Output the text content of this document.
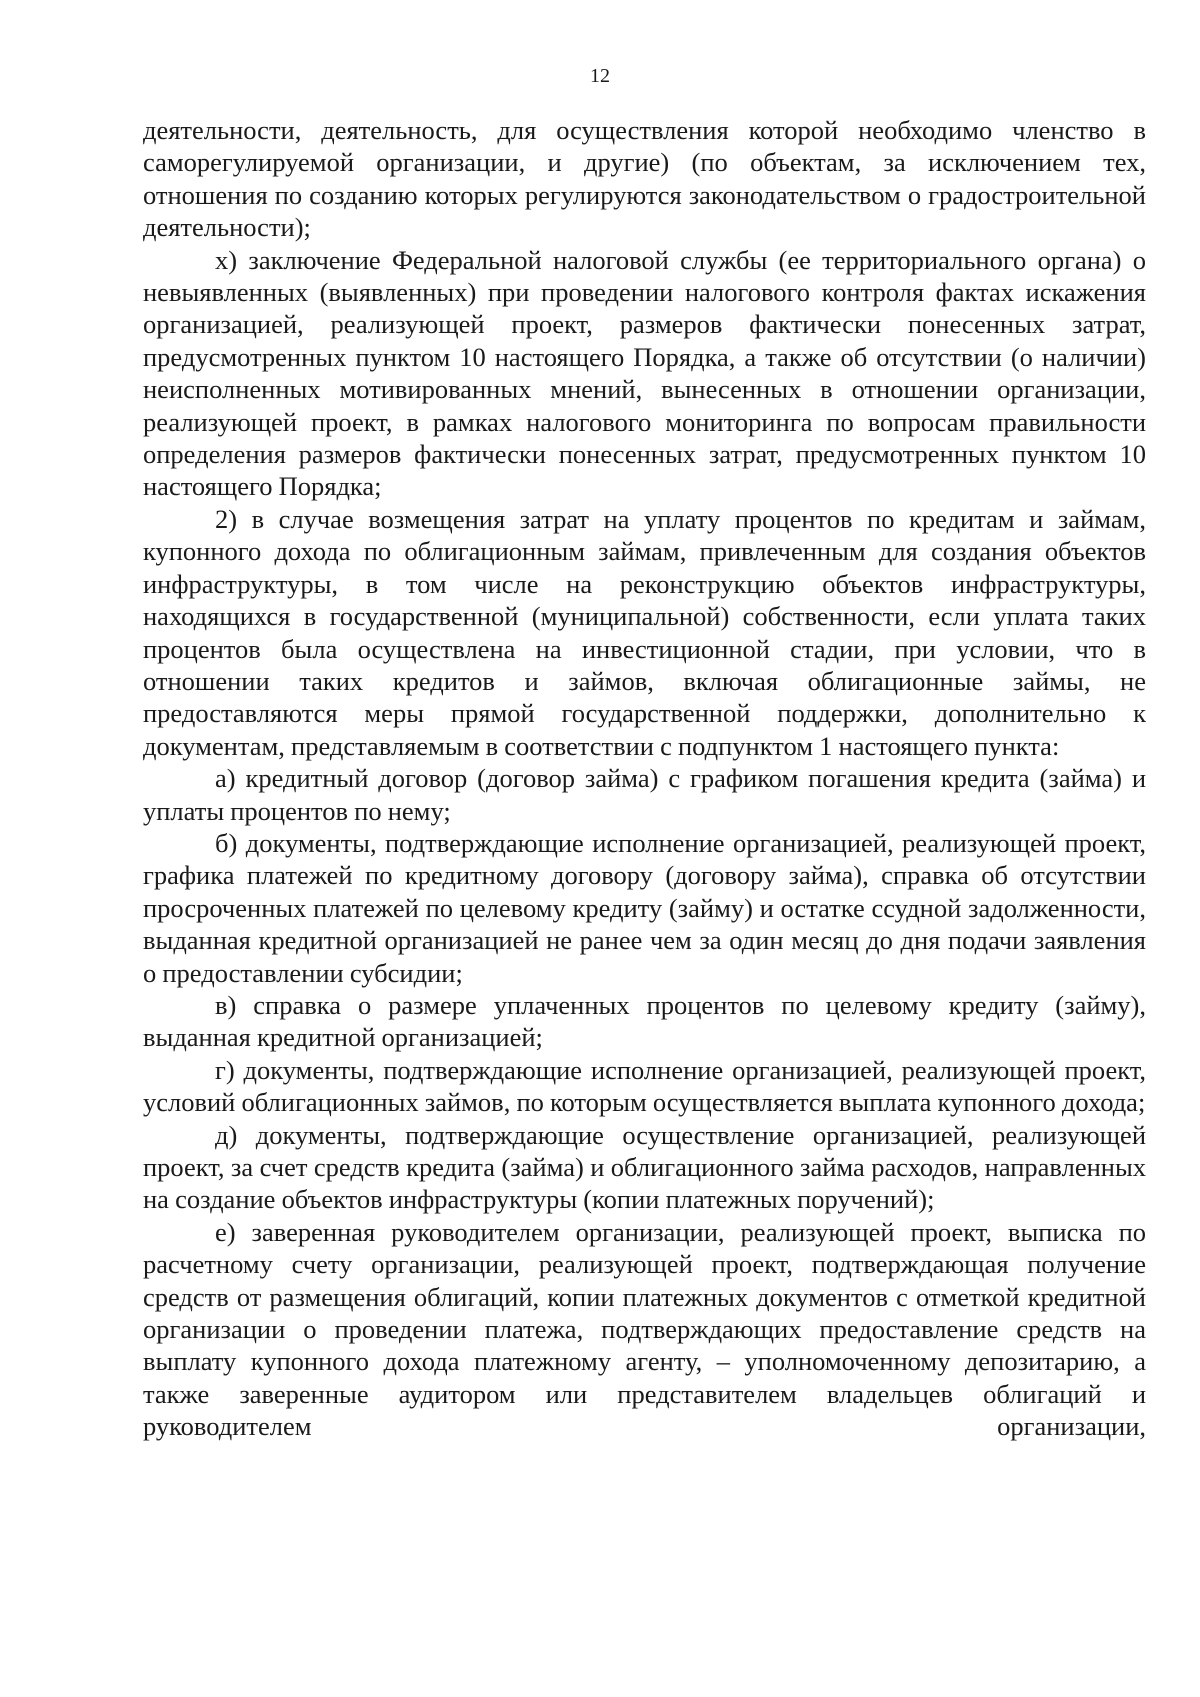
12

деятельности, деятельность, для осуществления которой необходимо членство в саморегулируемой организации, и другие) (по объектам, за исключением тех, отношения по созданию которых регулируются законодательством о градостроительной деятельности);

х) заключение Федеральной налоговой службы (ее территориального органа) о невыявленных (выявленных) при проведении налогового контроля фактах искажения организацией, реализующей проект, размеров фактически понесенных затрат, предусмотренных пунктом 10 настоящего Порядка, а также об отсутствии (о наличии) неисполненных мотивированных мнений, вынесенных в отношении организации, реализующей проект, в рамках налогового мониторинга по вопросам правильности определения размеров фактически понесенных затрат, предусмотренных пунктом 10 настоящего Порядка;

2) в случае возмещения затрат на уплату процентов по кредитам и займам, купонного дохода по облигационным займам, привлеченным для создания объектов инфраструктуры, в том числе на реконструкцию объектов инфраструктуры, находящихся в государственной (муниципальной) собственности, если уплата таких процентов была осуществлена на инвестиционной стадии, при условии, что в отношении таких кредитов и займов, включая облигационные займы, не предоставляются меры прямой государственной поддержки, дополнительно к документам, представляемым в соответствии с подпунктом 1 настоящего пункта:

а) кредитный договор (договор займа) с графиком погашения кредита (займа) и уплаты процентов по нему;

б) документы, подтверждающие исполнение организацией, реализующей проект, графика платежей по кредитному договору (договору займа), справка об отсутствии просроченных платежей по целевому кредиту (займу) и остатке ссудной задолженности, выданная кредитной организацией не ранее чем за один месяц до дня подачи заявления о предоставлении субсидии;

в) справка о размере уплаченных процентов по целевому кредиту (займу), выданная кредитной организацией;

г) документы, подтверждающие исполнение организацией, реализующей проект, условий облигационных займов, по которым осуществляется выплата купонного дохода;

д) документы, подтверждающие осуществление организацией, реализующей проект, за счет средств кредита (займа) и облигационного займа расходов, направленных на создание объектов инфраструктуры (копии платежных поручений);

е) заверенная руководителем организации, реализующей проект, выписка по расчетному счету организации, реализующей проект, подтверждающая получение средств от размещения облигаций, копии платежных документов с отметкой кредитной организации о проведении платежа, подтверждающих предоставление средств на выплату купонного дохода платежному агенту, – уполномоченному депозитарию, а также заверенные аудитором или представителем владельцев облигаций и руководителем организации,
